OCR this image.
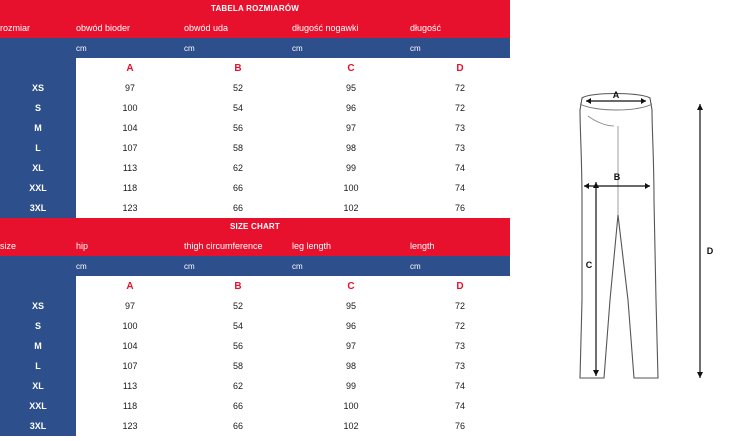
TABELA ROZMIARÓW
rozmiar	obwód bioder	obwód uda	długość nogawki	długość
	cm	cm	cm	cm
	A	B	C	D
XS	97	52	95	72
S	100	54	96	72
M	104	56	97	73
L	107	58	98	73
XL	113	62	99	74
XXL	118	66	100	74
3XL	123	66	102	76
SIZE CHART
size	hip	thigh circumference	leg length	length
	cm	cm	cm	cm
	A	B	C	D
XS	97	52	95	72
S	100	54	96	72
M	104	56	97	73
L	107	58	98	73
XL	113	62	99	74
XXL	118	66	100	74
3XL	123	66	102	76
A
B
C
D
